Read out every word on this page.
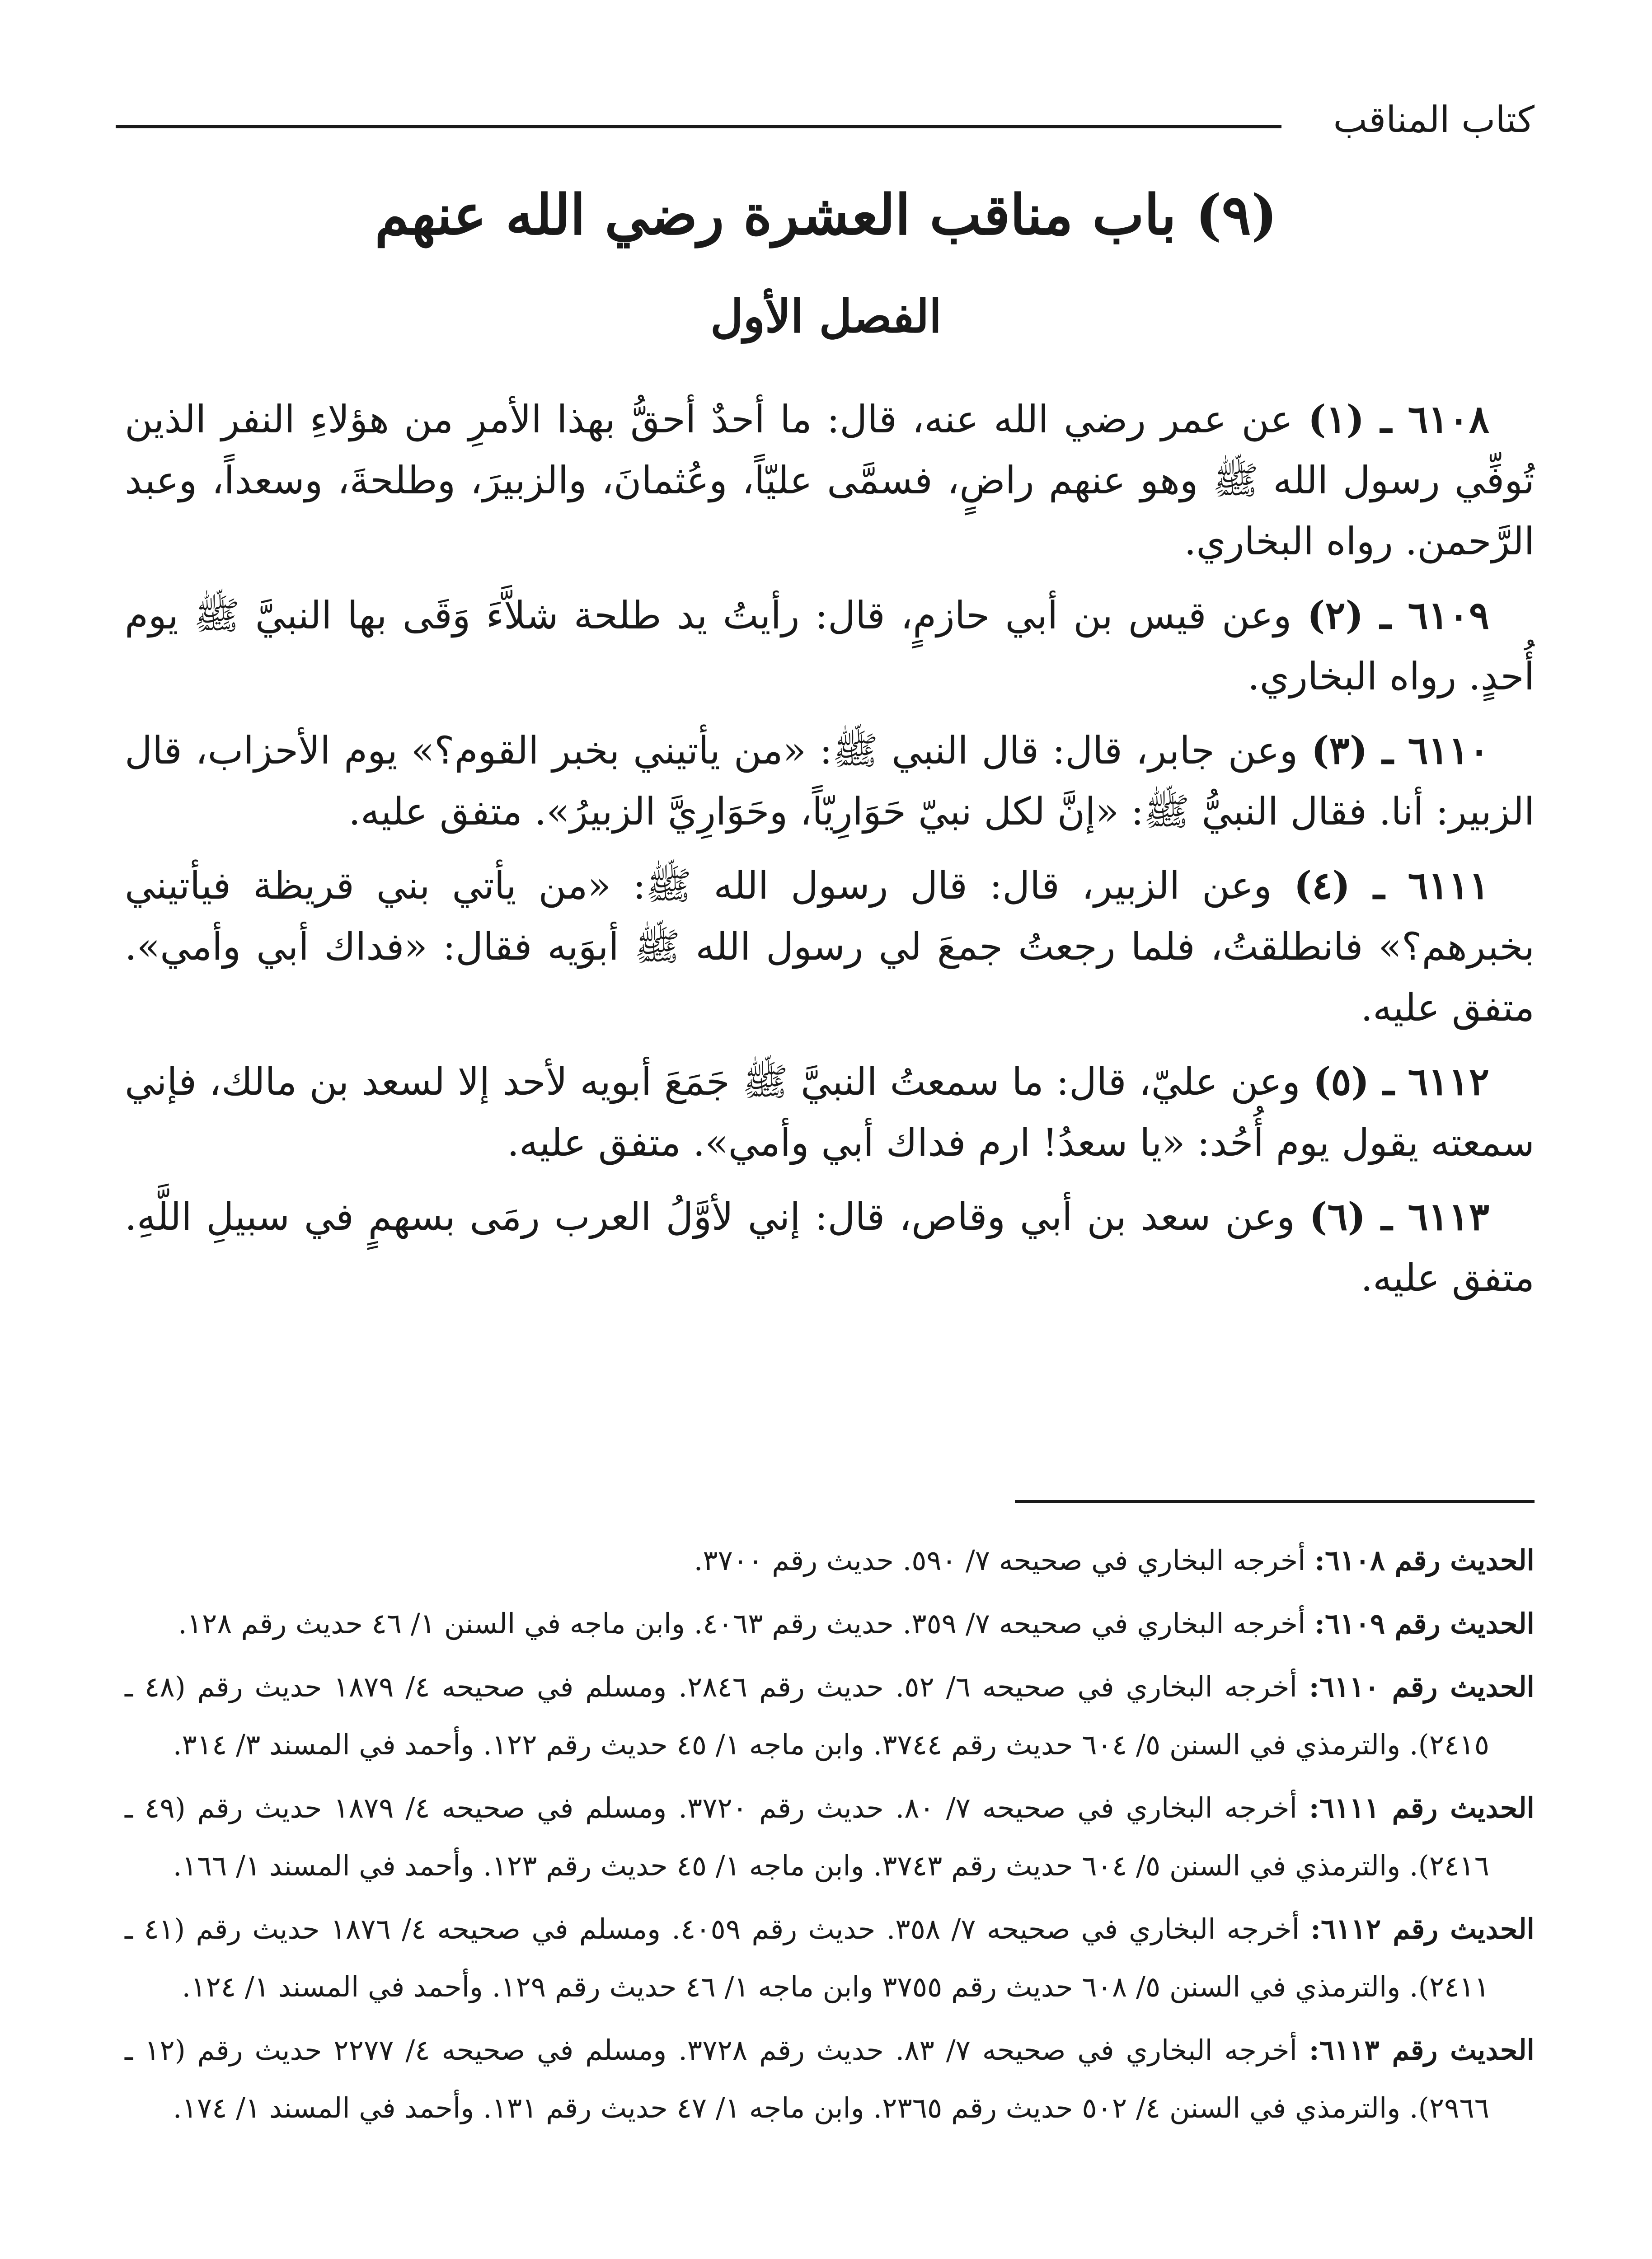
كتاب المناقب
(٩) باب مناقب العشرة رضي الله عنهم
الفصل الأول

٦١٠٨ ـ (١) عن عمر رضي الله عنه، قال: ما أحدٌ أحقُّ بهذا الأمرِ من هؤلاءِ النفر الذين تُوفِّي رسول الله ﷺ وهو عنهم راضٍ، فسمَّى عليّاً، وعُثمانَ، والزبيرَ، وطلحةَ، وسعداً، وعبد الرَّحمن. رواه البخاري.

٦١٠٩ ـ (٢) وعن قيس بن أبي حازمٍ، قال: رأيتُ يد طلحة شلاَّءَ وَقَى بها النبيَّ ﷺ يوم أُحدٍ. رواه البخاري.

٦١١٠ ـ (٣) وعن جابر، قال: قال النبي ﷺ: «من يأتيني بخبر القوم؟» يوم الأحزاب، قال الزبير: أنا. فقال النبيُّ ﷺ: «إنَّ لكل نبيّ حَوَارِيّاً، وحَوَارِيَّ الزبيرُ». متفق عليه.

٦١١١ ـ (٤) وعن الزبير، قال: قال رسول الله ﷺ: «من يأتي بني قريظة فيأتيني بخبرهم؟» فانطلقتُ، فلما رجعتُ جمعَ لي رسول الله ﷺ أبوَيه فقال: «فداك أبي وأمي». متفق عليه.

٦١١٢ ـ (٥) وعن عليّ، قال: ما سمعتُ النبيَّ ﷺ جَمَعَ أبويه لأحد إلا لسعد بن مالك، فإني سمعته يقول يوم أُحُد: «يا سعدُ! ارم فداك أبي وأمي». متفق عليه.

٦١١٣ ـ (٦) وعن سعد بن أبي وقاص، قال: إني لأوَّلُ العرب رمَى بسهمٍ في سبيلِ اللَّهِ. متفق عليه.

الحديث رقم ٦١٠٨: أخرجه البخاري في صحيحه ٧/ ٥٩٠. حديث رقم ٣٧٠٠.

الحديث رقم ٦١٠٩: أخرجه البخاري في صحيحه ٧/ ٣٥٩. حديث رقم ٤٠٦٣. وابن ماجه في السنن ١/ ٤٦ حديث رقم ١٢٨.

الحديث رقم ٦١١٠: أخرجه البخاري في صحيحه ٦/ ٥٢. حديث رقم ٢٨٤٦. ومسلم في صحيحه ٤/ ١٨٧٩ حديث رقم (٤٨ ـ ٢٤١٥). والترمذي في السنن ٥/ ٦٠٤ حديث رقم ٣٧٤٤. وابن ماجه ١/ ٤٥ حديث رقم ١٢٢. وأحمد في المسند ٣/ ٣١٤.

الحديث رقم ٦١١١: أخرجه البخاري في صحيحه ٧/ ٨٠. حديث رقم ٣٧٢٠. ومسلم في صحيحه ٤/ ١٨٧٩ حديث رقم (٤٩ ـ ٢٤١٦). والترمذي في السنن ٥/ ٦٠٤ حديث رقم ٣٧٤٣. وابن ماجه ١/ ٤٥ حديث رقم ١٢٣. وأحمد في المسند ١/ ١٦٦.

الحديث رقم ٦١١٢: أخرجه البخاري في صحيحه ٧/ ٣٥٨. حديث رقم ٤٠٥٩. ومسلم في صحيحه ٤/ ١٨٧٦ حديث رقم (٤١ ـ ٢٤١١). والترمذي في السنن ٥/ ٦٠٨ حديث رقم ٣٧٥٥ وابن ماجه ١/ ٤٦ حديث رقم ١٢٩. وأحمد في المسند ١/ ١٢٤.

الحديث رقم ٦١١٣: أخرجه البخاري في صحيحه ٧/ ٨٣. حديث رقم ٣٧٢٨. ومسلم في صحيحه ٤/ ٢٢٧٧ حديث رقم (١٢ ـ ٢٩٦٦). والترمذي في السنن ٤/ ٥٠٢ حديث رقم ٢٣٦٥. وابن ماجه ١/ ٤٧ حديث رقم ١٣١. وأحمد في المسند ١/ ١٧٤.
